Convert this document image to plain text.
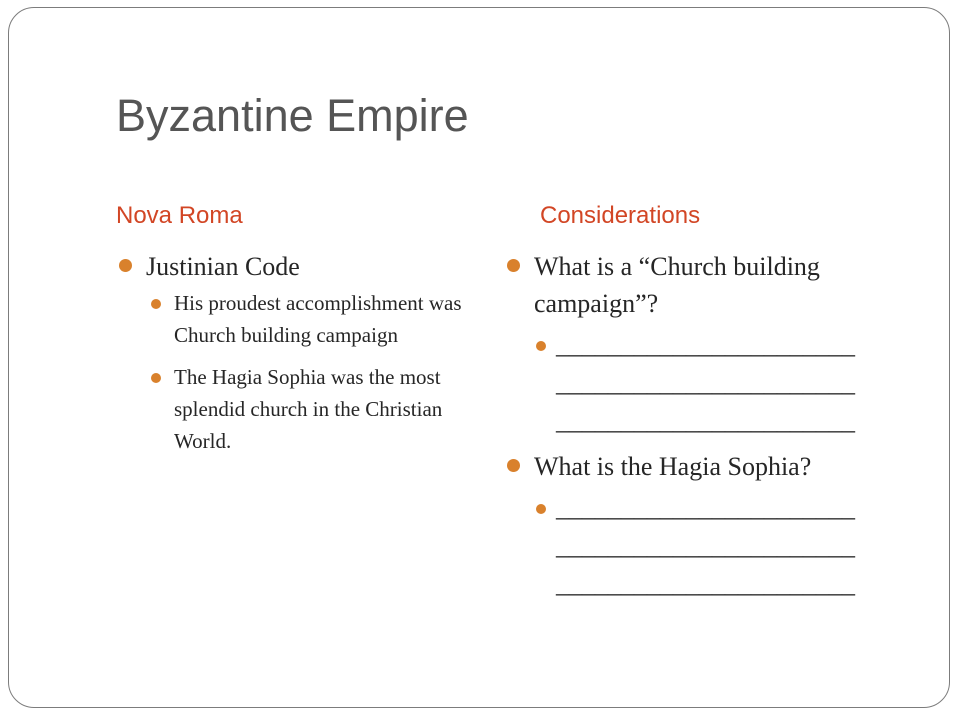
Byzantine Empire
Nova Roma	Considerations
Justinian Code
His proudest accomplishment was Church building campaign
The Hagia Sophia was the most splendid church in the Christian World.
What is a “Church building campaign”?
_______________________
_______________________
_______________________
What is the Hagia Sophia?
_______________________
_______________________
_______________________
